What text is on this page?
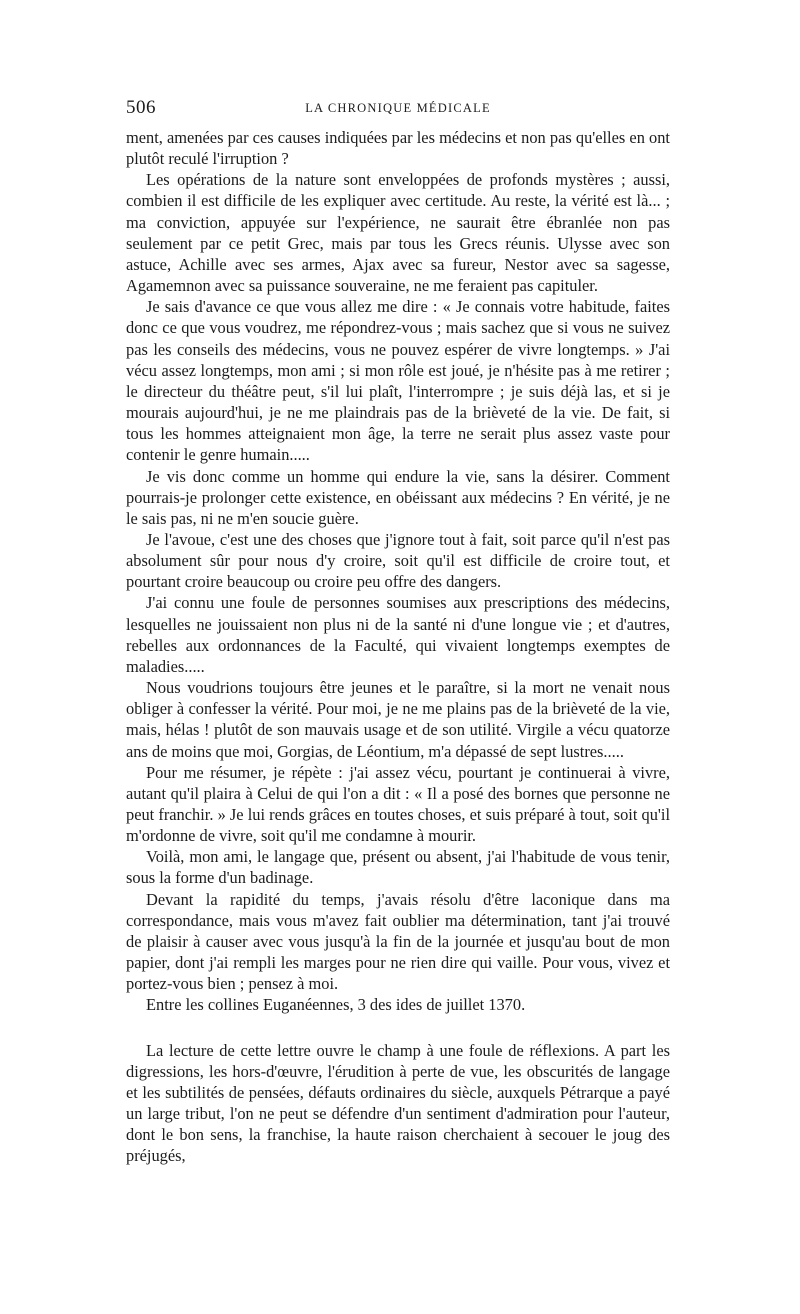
506	LA CHRONIQUE MÉDICALE

ment, amenées par ces causes indiquées par les médecins et non pas qu'elles en ont plutôt reculé l'irruption ?

Les opérations de la nature sont enveloppées de profonds mystères ; aussi, combien il est difficile de les expliquer avec certitude. Au reste, la vérité est là... ; ma conviction, appuyée sur l'expérience, ne saurait être ébranlée non pas seulement par ce petit Grec, mais par tous les Grecs réunis. Ulysse avec son astuce, Achille avec ses armes, Ajax avec sa fureur, Nestor avec sa sagesse, Agamemnon avec sa puissance souveraine, ne me feraient pas capituler.

Je sais d'avance ce que vous allez me dire : « Je connais votre habitude, faites donc ce que vous voudrez, me répondrez-vous ; mais sachez que si vous ne suivez pas les conseils des médecins, vous ne pouvez espérer de vivre longtemps. » J'ai vécu assez longtemps, mon ami ; si mon rôle est joué, je n'hésite pas à me retirer ; le directeur du théâtre peut, s'il lui plaît, l'interrompre ; je suis déjà las, et si je mourais aujourd'hui, je ne me plaindrais pas de la brièveté de la vie. De fait, si tous les hommes atteignaient mon âge, la terre ne serait plus assez vaste pour contenir le genre humain.....

Je vis donc comme un homme qui endure la vie, sans la désirer. Comment pourrais-je prolonger cette existence, en obéissant aux médecins ? En vérité, je ne le sais pas, ni ne m'en soucie guère.

Je l'avoue, c'est une des choses que j'ignore tout à fait, soit parce qu'il n'est pas absolument sûr pour nous d'y croire, soit qu'il est difficile de croire tout, et pourtant croire beaucoup ou croire peu offre des dangers.

J'ai connu une foule de personnes soumises aux prescriptions des médecins, lesquelles ne jouissaient non plus ni de la santé ni d'une longue vie ; et d'autres, rebelles aux ordonnances de la Faculté, qui vivaient longtemps exemptes de maladies.....

Nous voudrions toujours être jeunes et le paraître, si la mort ne venait nous obliger à confesser la vérité. Pour moi, je ne me plains pas de la brièveté de la vie, mais, hélas ! plutôt de son mauvais usage et de son utilité. Virgile a vécu quatorze ans de moins que moi, Gorgias, de Léontium, m'a dépassé de sept lustres.....

Pour me résumer, je répète : j'ai assez vécu, pourtant je continuerai à vivre, autant qu'il plaira à Celui de qui l'on a dit : « Il a posé des bornes que personne ne peut franchir. » Je lui rends grâces en toutes choses, et suis préparé à tout, soit qu'il m'ordonne de vivre, soit qu'il me condamne à mourir.

Voilà, mon ami, le langage que, présent ou absent, j'ai l'habitude de vous tenir, sous la forme d'un badinage.

Devant la rapidité du temps, j'avais résolu d'être laconique dans ma correspondance, mais vous m'avez fait oublier ma détermination, tant j'ai trouvé de plaisir à causer avec vous jusqu'à la fin de la journée et jusqu'au bout de mon papier, dont j'ai rempli les marges pour ne rien dire qui vaille. Pour vous, vivez et portez-vous bien ; pensez à moi.

Entre les collines Euganéennes, 3 des ides de juillet 1370.

La lecture de cette lettre ouvre le champ à une foule de réflexions. A part les digressions, les hors-d'œuvre, l'érudition à perte de vue, les obscurités de langage et les subtilités de pensées, défauts ordinaires du siècle, auxquels Pétrarque a payé un large tribut, l'on ne peut se défendre d'un sentiment d'admiration pour l'auteur, dont le bon sens, la franchise, la haute raison cherchaient à secouer le joug des préjugés,
